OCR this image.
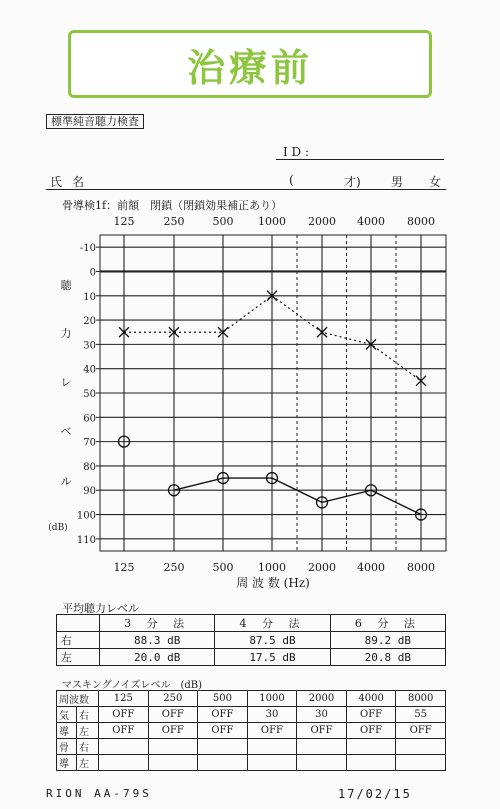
治療前
標準純音聴力検査
I D :
氏名	(	才)	男 女
骨導検1f：前額　閉鎖（閉鎖効果補正あり）
-10
0
10
20
30
40
50
60
70
80
90
100
110
125
125
250
250
500
500
1000
1000
2000
2000
4000
4000
8000
8000
周 波 数 (Hz)
聴
力
レ
ベ
ル
(dB)
平均聴力レベル
	3 分 法	4 分 法	6 分 法
右	88.3 dB	87.5 dB	89.2 dB
左	20.0 dB	17.5 dB	20.8 dB
マスキングノイズレベル　(dB)
周波数		125	250	500	1000	2000	4000	8000
気	右	OFF	OFF	OFF	30	30	OFF	55
導	左	OFF	OFF	OFF	OFF	OFF	OFF	OFF
骨	右							
導	左							
RION AA-79S	17/02/15
